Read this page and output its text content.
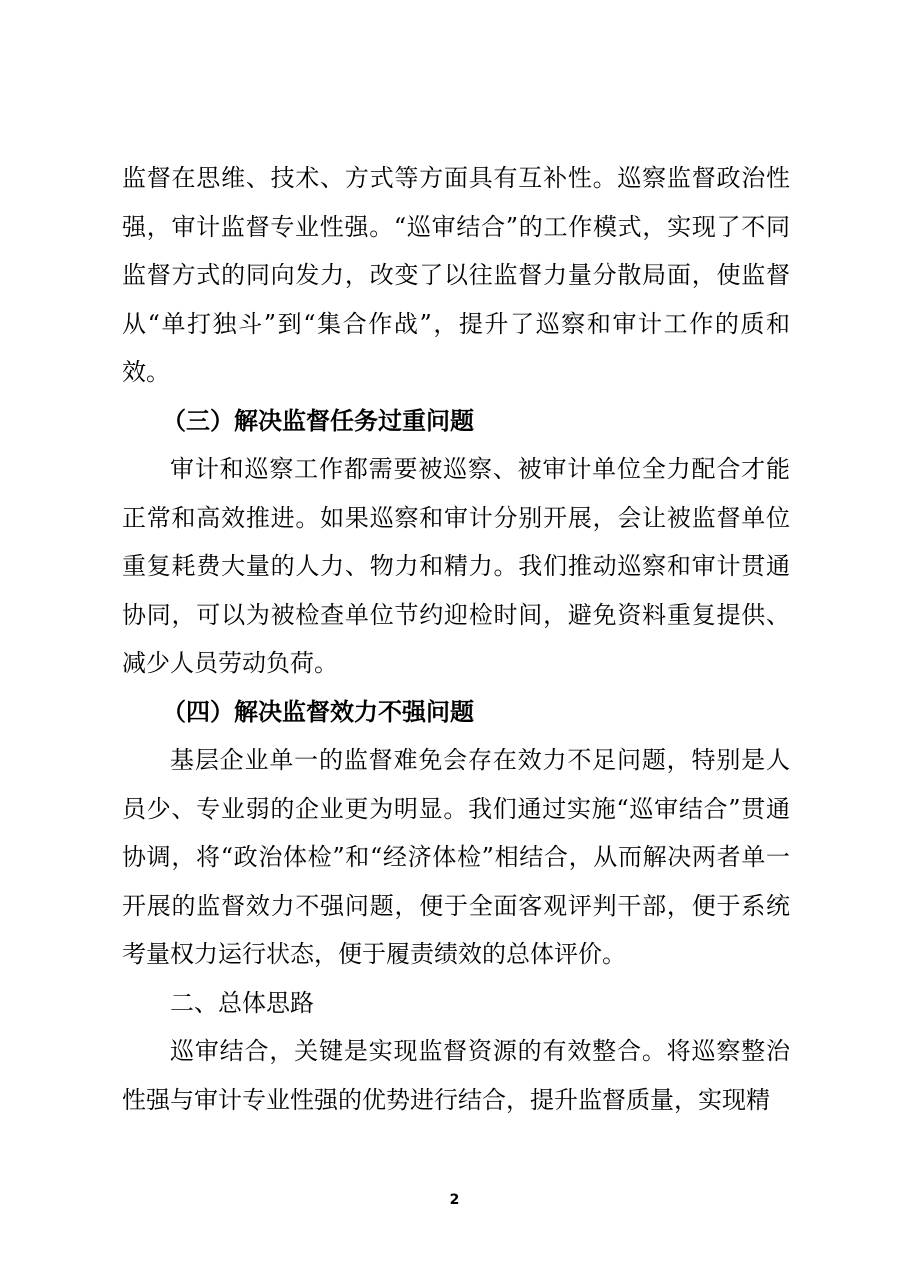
监督在思维、技术、方式等方面具有互补性。巡察监督政治性强，审计监督专业性强。“巡审结合”的工作模式，实现了不同监督方式的同向发力，改变了以往监督力量分散局面，使监督从“单打独斗”到“集合作战”，提升了巡察和审计工作的质和效。

（三）解决监督任务过重问题

审计和巡察工作都需要被巡察、被审计单位全力配合才能正常和高效推进。如果巡察和审计分别开展，会让被监督单位重复耗费大量的人力、物力和精力。我们推动巡察和审计贯通协同，可以为被检查单位节约迎检时间，避免资料重复提供、减少人员劳动负荷。

（四）解决监督效力不强问题

基层企业单一的监督难免会存在效力不足问题，特别是人员少、专业弱的企业更为明显。我们通过实施“巡审结合”贯通协调，将“政治体检”和“经济体检”相结合，从而解决两者单一开展的监督效力不强问题，便于全面客观评判干部，便于系统考量权力运行状态，便于履责绩效的总体评价。

二、总体思路

巡审结合，关键是实现监督资源的有效整合。将巡察整治性强与审计专业性强的优势进行结合，提升监督质量，实现精

2
